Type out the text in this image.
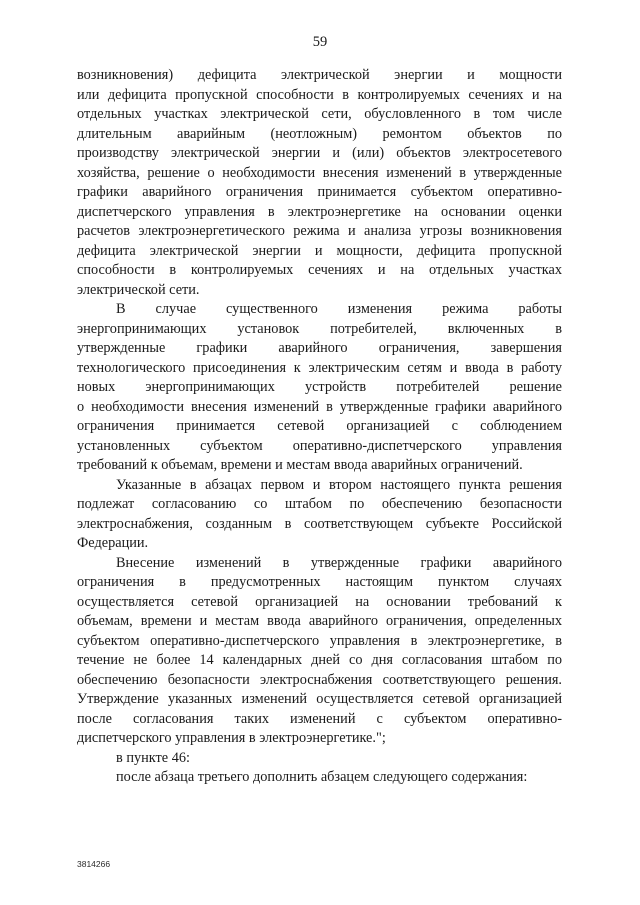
59
возникновения) дефицита электрической энергии и мощности
или дефицита пропускной способности в контролируемых сечениях и на
отдельных участках электрической сети, обусловленного в том числе
длительным аварийным (неотложным) ремонтом объектов по
производству электрической энергии и (или) объектов электросетевого
хозяйства, решение о необходимости внесения изменений в утвержденные
графики аварийного ограничения принимается субъектом оперативно-
диспетчерского управления в электроэнергетике на основании оценки
расчетов электроэнергетического режима и анализа угрозы возникновения
дефицита электрической энергии и мощности, дефицита пропускной
способности в контролируемых сечениях и на отдельных участках
электрической сети.
В случае существенного изменения режима работы
энергопринимающих установок потребителей, включенных в
утвержденные графики аварийного ограничения, завершения
технологического присоединения к электрическим сетям и ввода в работу
новых энергопринимающих устройств потребителей решение
о необходимости внесения изменений в утвержденные графики аварийного
ограничения принимается сетевой организацией с соблюдением
установленных субъектом оперативно-диспетчерского управления
требований к объемам, времени и местам ввода аварийных ограничений.
Указанные в абзацах первом и втором настоящего пункта решения
подлежат согласованию со штабом по обеспечению безопасности
электроснабжения, созданным в соответствующем субъекте Российской
Федерации.
Внесение изменений в утвержденные графики аварийного
ограничения в предусмотренных настоящим пунктом случаях
осуществляется сетевой организацией на основании требований к
объемам, времени и местам ввода аварийного ограничения, определенных
субъектом оперативно-диспетчерского управления в электроэнергетике, в
течение не более 14 календарных дней со дня согласования штабом по
обеспечению безопасности электроснабжения соответствующего решения.
Утверждение указанных изменений осуществляется сетевой организацией
после согласования таких изменений с субъектом оперативно-
диспетчерского управления в электроэнергетике.";
в пункте 46:
после абзаца третьего дополнить абзацем следующего содержания:
3814266
